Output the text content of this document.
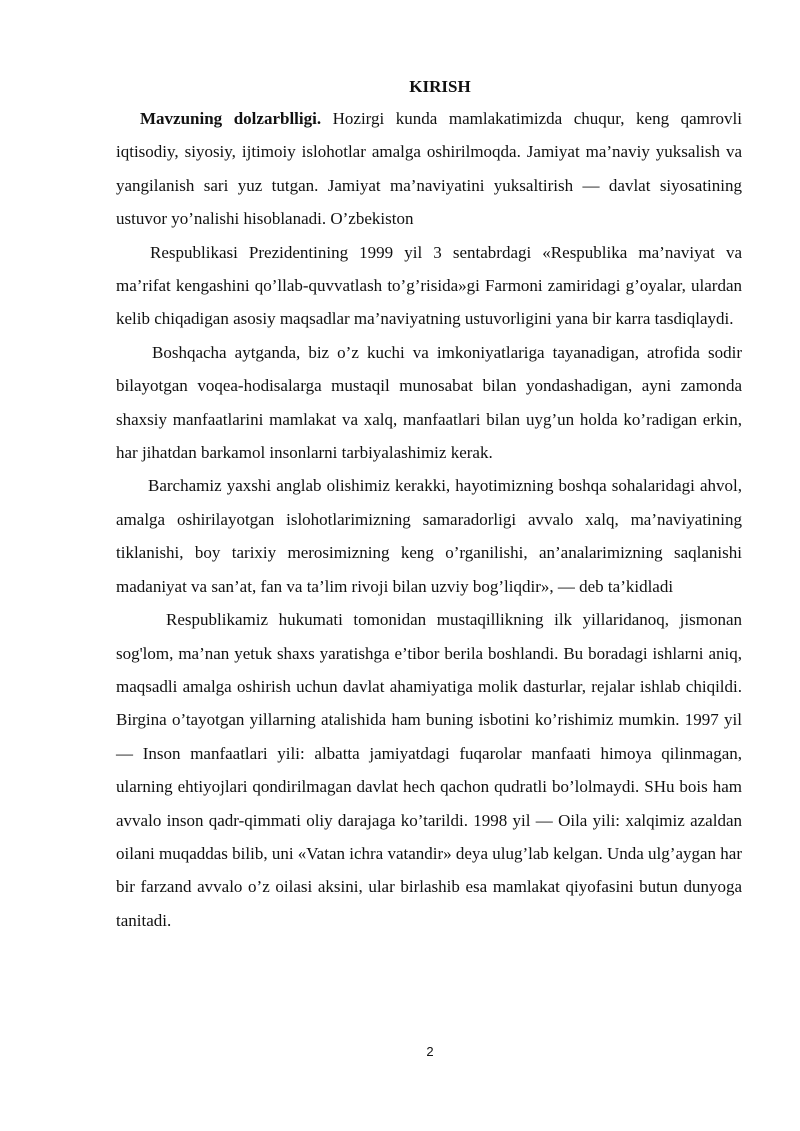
KIRISH

Mavzuning dolzarblligi. Hozirgi kunda mamlakatimizda chuqur, keng qamrovli iqtisodiy, siyosiy, ijtimoiy islohotlar amalga oshirilmoqda. Jamiyat ma’naviy yuksalish va yangilanish sari yuz tutgan. Jamiyat ma’naviyatini yuksaltirish — davlat siyosatining ustuvor yo’nalishi hisoblanadi. O’zbekiston
Respublikasi Prezidentining 1999 yil 3 sentabrdagi «Respublika ma’naviyat va ma’rifat kengashini qo’llab-quvvatlash to’g’risida»gi Farmoni zamiridagi g’oyalar, ulardan kelib chiqadigan asosiy maqsadlar ma’naviyatning ustuvorligini yana bir karra tasdiqlaydi.

Boshqacha aytganda, biz o’z kuchi va imkoniyatlariga tayanadigan, atrofida sodir bilayotgan voqea-hodisalarga mustaqil munosabat bilan yondashadigan, ayni zamonda shaxsiy manfaatlarini mamlakat va xalq, manfaatlari bilan uyg’un holda ko’radigan erkin, har jihatdan barkamol insonlarni tarbiyalashimiz kerak.

Barchamiz yaxshi anglab olishimiz kerakki, hayotimizning boshqa sohalaridagi ahvol, amalga oshirilayotgan islohotlarimizning samaradorligi avvalo xalq, ma’naviyatining tiklanishi, boy tarixiy merosimizning keng o’rganilishi, an’analarimizning saqlanishi madaniyat va san’at, fan va ta’lim rivoji bilan uzviy bog’liqdir», — deb ta’kidladi

Respublikamiz hukumati tomonidan mustaqillikning ilk yillaridanoq, jismonan sog'lom, ma’nan yetuk shaxs yaratishga e’tibor berila boshlandi. Bu boradagi ishlarni aniq, maqsadli amalga oshirish uchun davlat ahamiyatiga molik dasturlar, rejalar ishlab chiqildi. Birgina o’tayotgan yillarning atalishida ham buning isbotini ko’rishimiz mumkin. 1997 yil — Inson manfaatlari yili: albatta jamiyatdagi fuqarolar manfaati himoya qilinmagan, ularning ehtiyojlari qondirilmagan davlat hech qachon qudratli bo’lolmaydi. SHu bois ham avvalo inson qadr-qimmati oliy darajaga ko’tarildi. 1998 yil — Oila yili: xalqimiz azaldan oilani muqaddas bilib, uni «Vatan ichra vatandir» deya ulug’lab kelgan. Unda ulg’aygan har bir farzand avvalo o’z oilasi aksini, ular birlashib esa mamlakat qiyofasini butun dunyoga tanitadi.

2
